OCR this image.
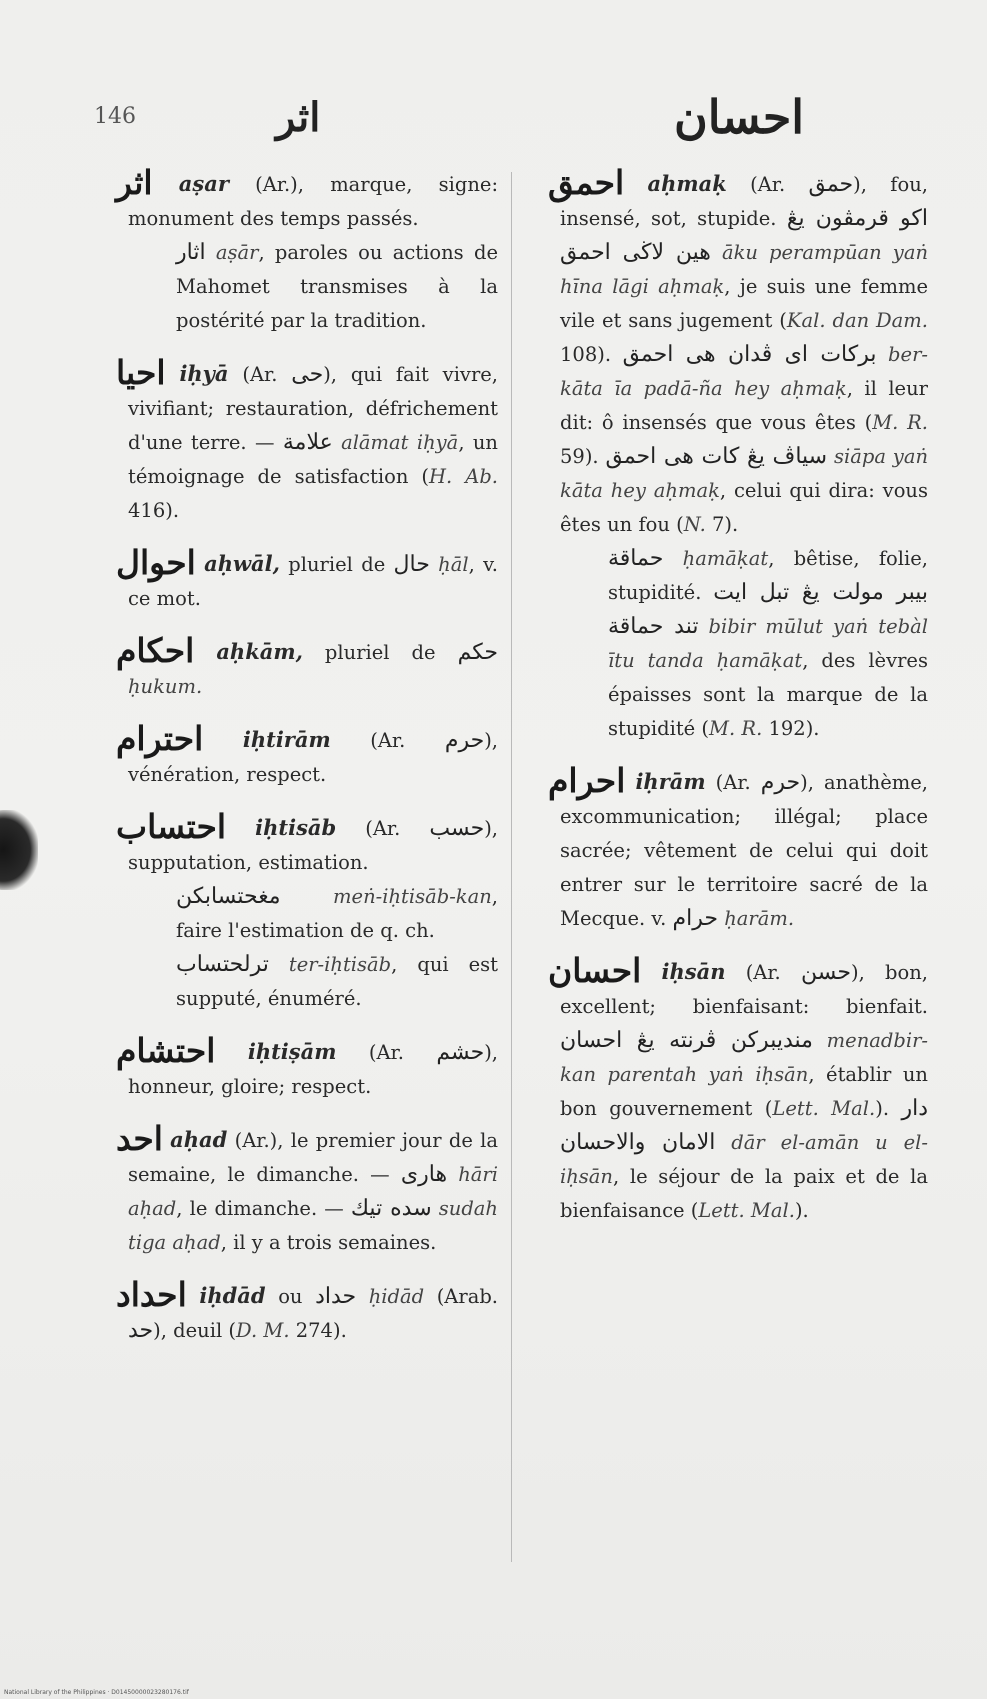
146	اثر	احسان
اثر aṣar (Ar.), marque, signe: monument des temps passés.
اثار aṣār, paroles ou actions de Mahomet transmises à la postérité par la tradition.
احيا iḥyā (Ar. حى), qui fait vivre, vivifiant; restauration, défrichement d'une terre. — علامة alāmat iḥyā, un témoignage de satisfaction (H. Ab. 416).
احوال aḥwāl, pluriel de حال ḥāl, v. ce mot.
احكام aḥkām, pluriel de حكم ḥukum.
احترام iḥtirām (Ar. حرم), vénération, respect.
احتساب iḥtisāb (Ar. حسب), supputation, estimation.
مغحتسابكن meṅ-iḥtisāb-kan, faire l'estimation de q. ch.
ترلحتساب ter-iḥtisāb, qui est supputé, énuméré.
احتشام iḥtiṣām (Ar. حشم), honneur, gloire; respect.
احد aḥad (Ar.), le premier jour de la semaine, le dimanche. — هارى hāri aḥad, le dimanche. — سده تيك sudah tiga aḥad, il y a trois semaines.
احداد iḥdād ou حداد ḥidād (Arab. حد), deuil (D. M. 274).
احمق aḥmaḳ (Ar. حمق), fou, insensé, sot, stupide. اكو قرمڤون يڠ هين لاڬى احمق āku perampūan yaṅ hīna lāgi aḥmaḳ, je suis une femme vile et sans jugement (Kal. dan Dam. 108). بركات اى ڤدان هى احمق ber-kāta īa padā-ña hey aḥmaḳ, il leur dit: ô insensés que vous êtes (M. R. 59). سياڤ يڠ كات هى احمق siāpa yaṅ kāta hey aḥmaḳ, celui qui dira: vous êtes un fou (N. 7).
حماقة ḥamāḳat, bêtise, folie, stupidité. بيبر مولت يڠ تبل ايت تند حماقة bibir mūlut yaṅ tebàl ītu tanda ḥamāḳat, des lèvres épaisses sont la marque de la stupidité (M. R. 192).
احرام iḥrām (Ar. حرم), anathème, excommunication; illégal; place sacrée; vêtement de celui qui doit entrer sur le territoire sacré de la Mecque. v. حرام ḥarām.
احسان iḥsān (Ar. حسن), bon, excellent; bienfaisant: bienfait. منديبركن ڤرنته يڠ احسان menadbir-kan parentah yaṅ iḥsān, établir un bon gouvernement (Lett. Mal.). دار الامان والاحسان dār el-amān u el-iḥsān, le séjour de la paix et de la bienfaisance (Lett. Mal.).
National Library of the Philippines · D01450000023280176.tif
